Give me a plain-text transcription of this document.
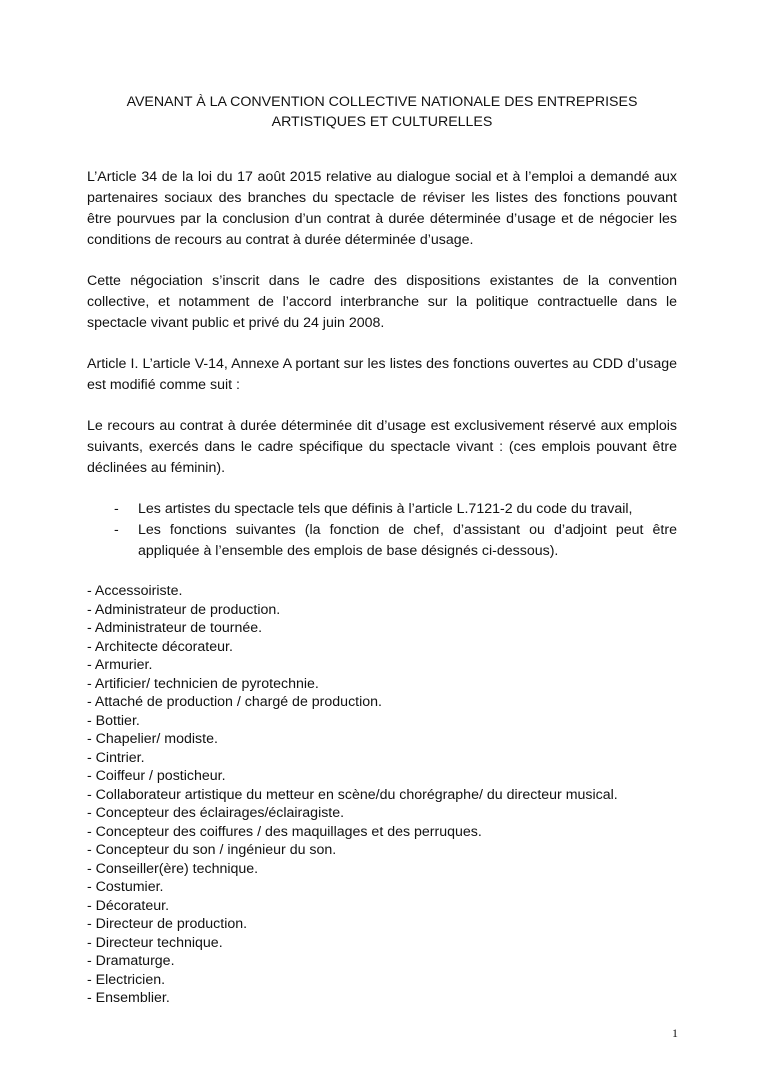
AVENANT À LA CONVENTION COLLECTIVE NATIONALE DES ENTREPRISES ARTISTIQUES ET CULTURELLES

L’Article 34 de la loi du 17 août 2015 relative au dialogue social et à l’emploi a demandé aux partenaires sociaux des branches du spectacle de réviser les listes des fonctions pouvant être pourvues par la conclusion d’un contrat à durée déterminée d’usage et de négocier les conditions de recours au contrat à durée déterminée d’usage.

Cette négociation s’inscrit dans le cadre des dispositions existantes de la convention collective, et notamment de l’accord interbranche sur la politique contractuelle dans le spectacle vivant public et privé du 24 juin 2008.

Article I. L’article V-14, Annexe A portant sur les listes des fonctions ouvertes au CDD d’usage est modifié comme suit :

Le recours au contrat à durée déterminée dit d’usage est exclusivement réservé aux emplois suivants, exercés dans le cadre spécifique du spectacle vivant : (ces emplois pouvant être déclinées au féminin).

- Les artistes du spectacle tels que définis à l’article L.7121-2 du code du travail,
- Les fonctions suivantes (la fonction de chef, d’assistant ou d’adjoint peut être appliquée à l’ensemble des emplois de base désignés ci-dessous).
- Accessoiriste.
- Administrateur de production.
- Administrateur de tournée.
- Architecte décorateur.
- Armurier.
- Artificier/ technicien de pyrotechnie.
- Attaché de production / chargé de production.
- Bottier.
- Chapelier/ modiste.
- Cintrier.
- Coiffeur / posticheur.
- Collaborateur artistique du metteur en scène/du chorégraphe/ du directeur musical.
- Concepteur des éclairages/éclairagiste.
- Concepteur des coiffures / des maquillages et des perruques.
- Concepteur du son / ingénieur du son.
- Conseiller(ère) technique.
- Costumier.
- Décorateur.
- Directeur de production.
- Directeur technique.
- Dramaturge.
- Electricien.
- Ensemblier.
1
